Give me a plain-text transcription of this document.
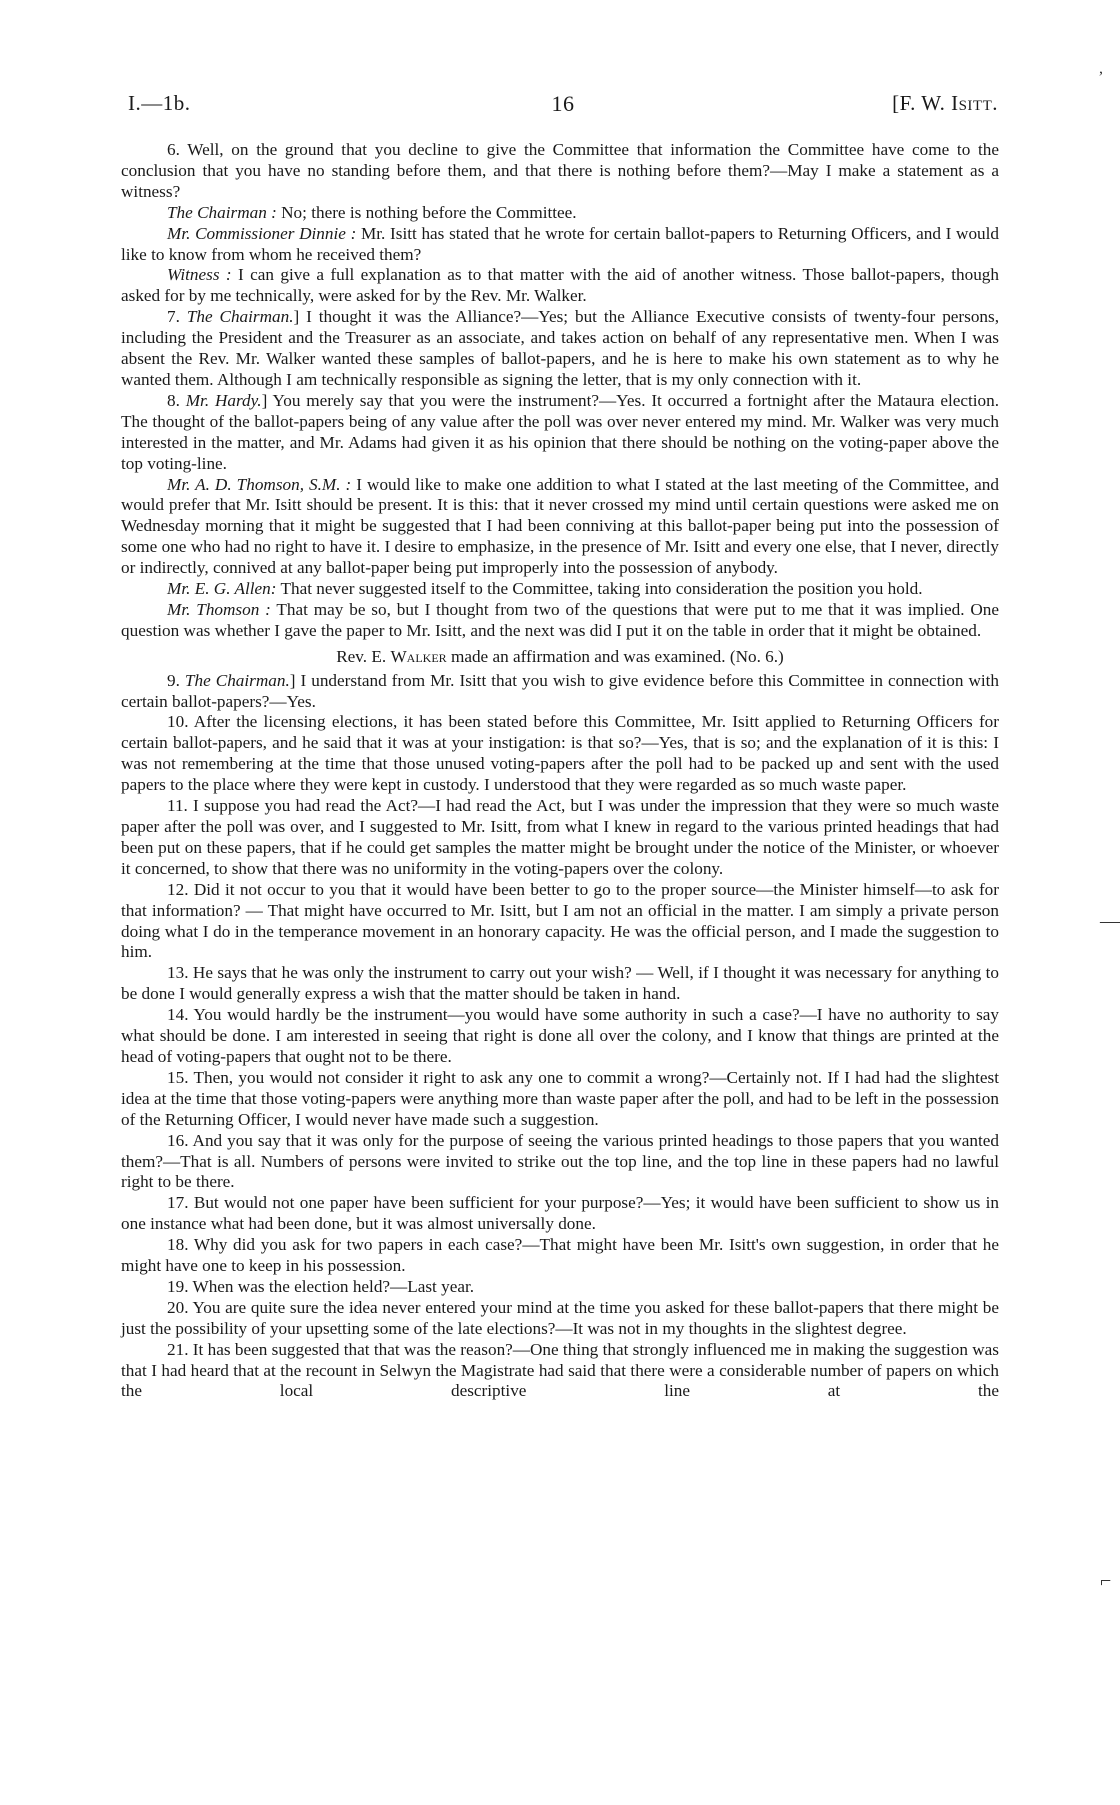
I.—1b.	16	[F. W. Isitt.

6. Well, on the ground that you decline to give the Committee that information the Committee have come to the conclusion that you have no standing before them, and that there is nothing before them?—May I make a statement as a witness?

The Chairman : No; there is nothing before the Committee.

Mr. Commissioner Dinnie : Mr. Isitt has stated that he wrote for certain ballot-papers to Returning Officers, and I would like to know from whom he received them?

Witness : I can give a full explanation as to that matter with the aid of another witness. Those ballot-papers, though asked for by me technically, were asked for by the Rev. Mr. Walker.

7. The Chairman.] I thought it was the Alliance?—Yes; but the Alliance Executive consists of twenty-four persons, including the President and the Treasurer as an associate, and takes action on behalf of any representative men. When I was absent the Rev. Mr. Walker wanted these samples of ballot-papers, and he is here to make his own statement as to why he wanted them. Although I am technically responsible as signing the letter, that is my only connection with it.

8. Mr. Hardy.] You merely say that you were the instrument?—Yes. It occurred a fortnight after the Mataura election. The thought of the ballot-papers being of any value after the poll was over never entered my mind. Mr. Walker was very much interested in the matter, and Mr. Adams had given it as his opinion that there should be nothing on the voting-paper above the top voting-line.

Mr. A. D. Thomson, S.M. : I would like to make one addition to what I stated at the last meeting of the Committee, and would prefer that Mr. Isitt should be present. It is this: that it never crossed my mind until certain questions were asked me on Wednesday morning that it might be suggested that I had been conniving at this ballot-paper being put into the possession of some one who had no right to have it. I desire to emphasize, in the presence of Mr. Isitt and every one else, that I never, directly or indirectly, connived at any ballot-paper being put improperly into the possession of anybody.

Mr. E. G. Allen: That never suggested itself to the Committee, taking into consideration the position you hold.

Mr. Thomson : That may be so, but I thought from two of the questions that were put to me that it was implied. One question was whether I gave the paper to Mr. Isitt, and the next was did I put it on the table in order that it might be obtained.

Rev. E. Walker made an affirmation and was examined. (No. 6.)

9. The Chairman.] I understand from Mr. Isitt that you wish to give evidence before this Committee in connection with certain ballot-papers?—Yes.

10. After the licensing elections, it has been stated before this Committee, Mr. Isitt applied to Returning Officers for certain ballot-papers, and he said that it was at your instigation: is that so?—Yes, that is so; and the explanation of it is this: I was not remembering at the time that those unused voting-papers after the poll had to be packed up and sent with the used papers to the place where they were kept in custody. I understood that they were regarded as so much waste paper.

11. I suppose you had read the Act?—I had read the Act, but I was under the impression that they were so much waste paper after the poll was over, and I suggested to Mr. Isitt, from what I knew in regard to the various printed headings that had been put on these papers, that if he could get samples the matter might be brought under the notice of the Minister, or whoever it concerned, to show that there was no uniformity in the voting-papers over the colony.

12. Did it not occur to you that it would have been better to go to the proper source—the Minister himself—to ask for that information? — That might have occurred to Mr. Isitt, but I am not an official in the matter. I am simply a private person doing what I do in the temperance movement in an honorary capacity. He was the official person, and I made the suggestion to him.

13. He says that he was only the instrument to carry out your wish? — Well, if I thought it was necessary for anything to be done I would generally express a wish that the matter should be taken in hand.

14. You would hardly be the instrument—you would have some authority in such a case?—I have no authority to say what should be done. I am interested in seeing that right is done all over the colony, and I know that things are printed at the head of voting-papers that ought not to be there.

15. Then, you would not consider it right to ask any one to commit a wrong?—Certainly not. If I had had the slightest idea at the time that those voting-papers were anything more than waste paper after the poll, and had to be left in the possession of the Returning Officer, I would never have made such a suggestion.

16. And you say that it was only for the purpose of seeing the various printed headings to those papers that you wanted them?—That is all. Numbers of persons were invited to strike out the top line, and the top line in these papers had no lawful right to be there.

17. But would not one paper have been sufficient for your purpose?—Yes; it would have been sufficient to show us in one instance what had been done, but it was almost universally done.

18. Why did you ask for two papers in each case?—That might have been Mr. Isitt's own suggestion, in order that he might have one to keep in his possession.

19. When was the election held?—Last year.

20. You are quite sure the idea never entered your mind at the time you asked for these ballot-papers that there might be just the possibility of your upsetting some of the late elections?—It was not in my thoughts in the slightest degree.

21. It has been suggested that that was the reason?—One thing that strongly influenced me in making the suggestion was that I had heard that at the recount in Selwyn the Magistrate had said that there were a considerable number of papers on which the local descriptive line at the

,
—
⌐
